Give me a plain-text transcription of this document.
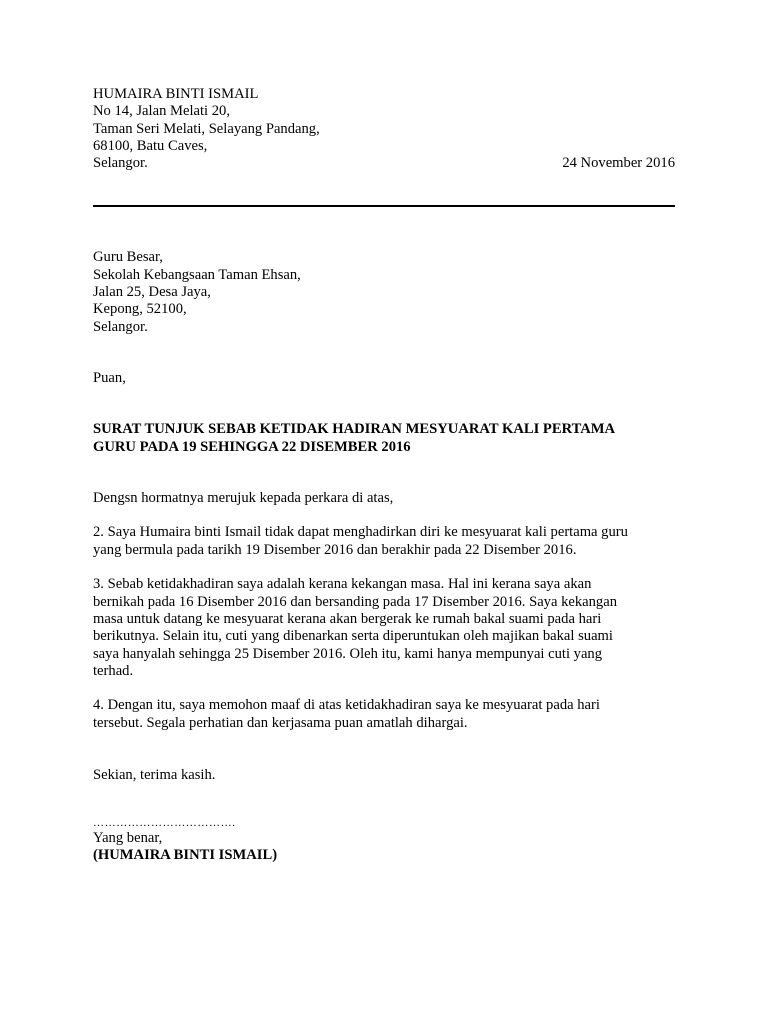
HUMAIRA BINTI ISMAIL
No 14, Jalan Melati 20,
Taman Seri Melati, Selayang Pandang,
68100, Batu Caves,
Selangor.	24 November 2016
Guru Besar,
Sekolah Kebangsaan Taman Ehsan,
Jalan 25, Desa Jaya,
Kepong, 52100,
Selangor.
Puan,
SURAT TUNJUK SEBAB KETIDAK HADIRAN MESYUARAT KALI PERTAMA
GURU PADA 19 SEHINGGA 22 DISEMBER 2016
Dengsn hormatnya merujuk kepada perkara di atas,
2. Saya Humaira binti Ismail tidak dapat menghadirkan diri ke mesyuarat kali pertama guru
yang bermula pada tarikh 19 Disember 2016 dan berakhir pada 22 Disember 2016.
3. Sebab ketidakhadiran saya adalah kerana kekangan masa. Hal ini kerana saya akan
bernikah pada 16 Disember 2016 dan bersanding pada 17 Disember 2016. Saya kekangan
masa untuk datang ke mesyuarat kerana akan bergerak ke rumah bakal suami pada hari
berikutnya. Selain itu, cuti yang dibenarkan serta diperuntukan oleh majikan bakal suami
saya hanyalah sehingga 25 Disember 2016. Oleh itu, kami hanya mempunyai cuti yang
terhad.
4. Dengan itu, saya memohon maaf di atas ketidakhadiran saya ke mesyuarat pada hari
tersebut. Segala perhatian dan kerjasama puan amatlah dihargai.
Sekian, terima kasih.
……………………………….
Yang benar,
(HUMAIRA BINTI ISMAIL)
